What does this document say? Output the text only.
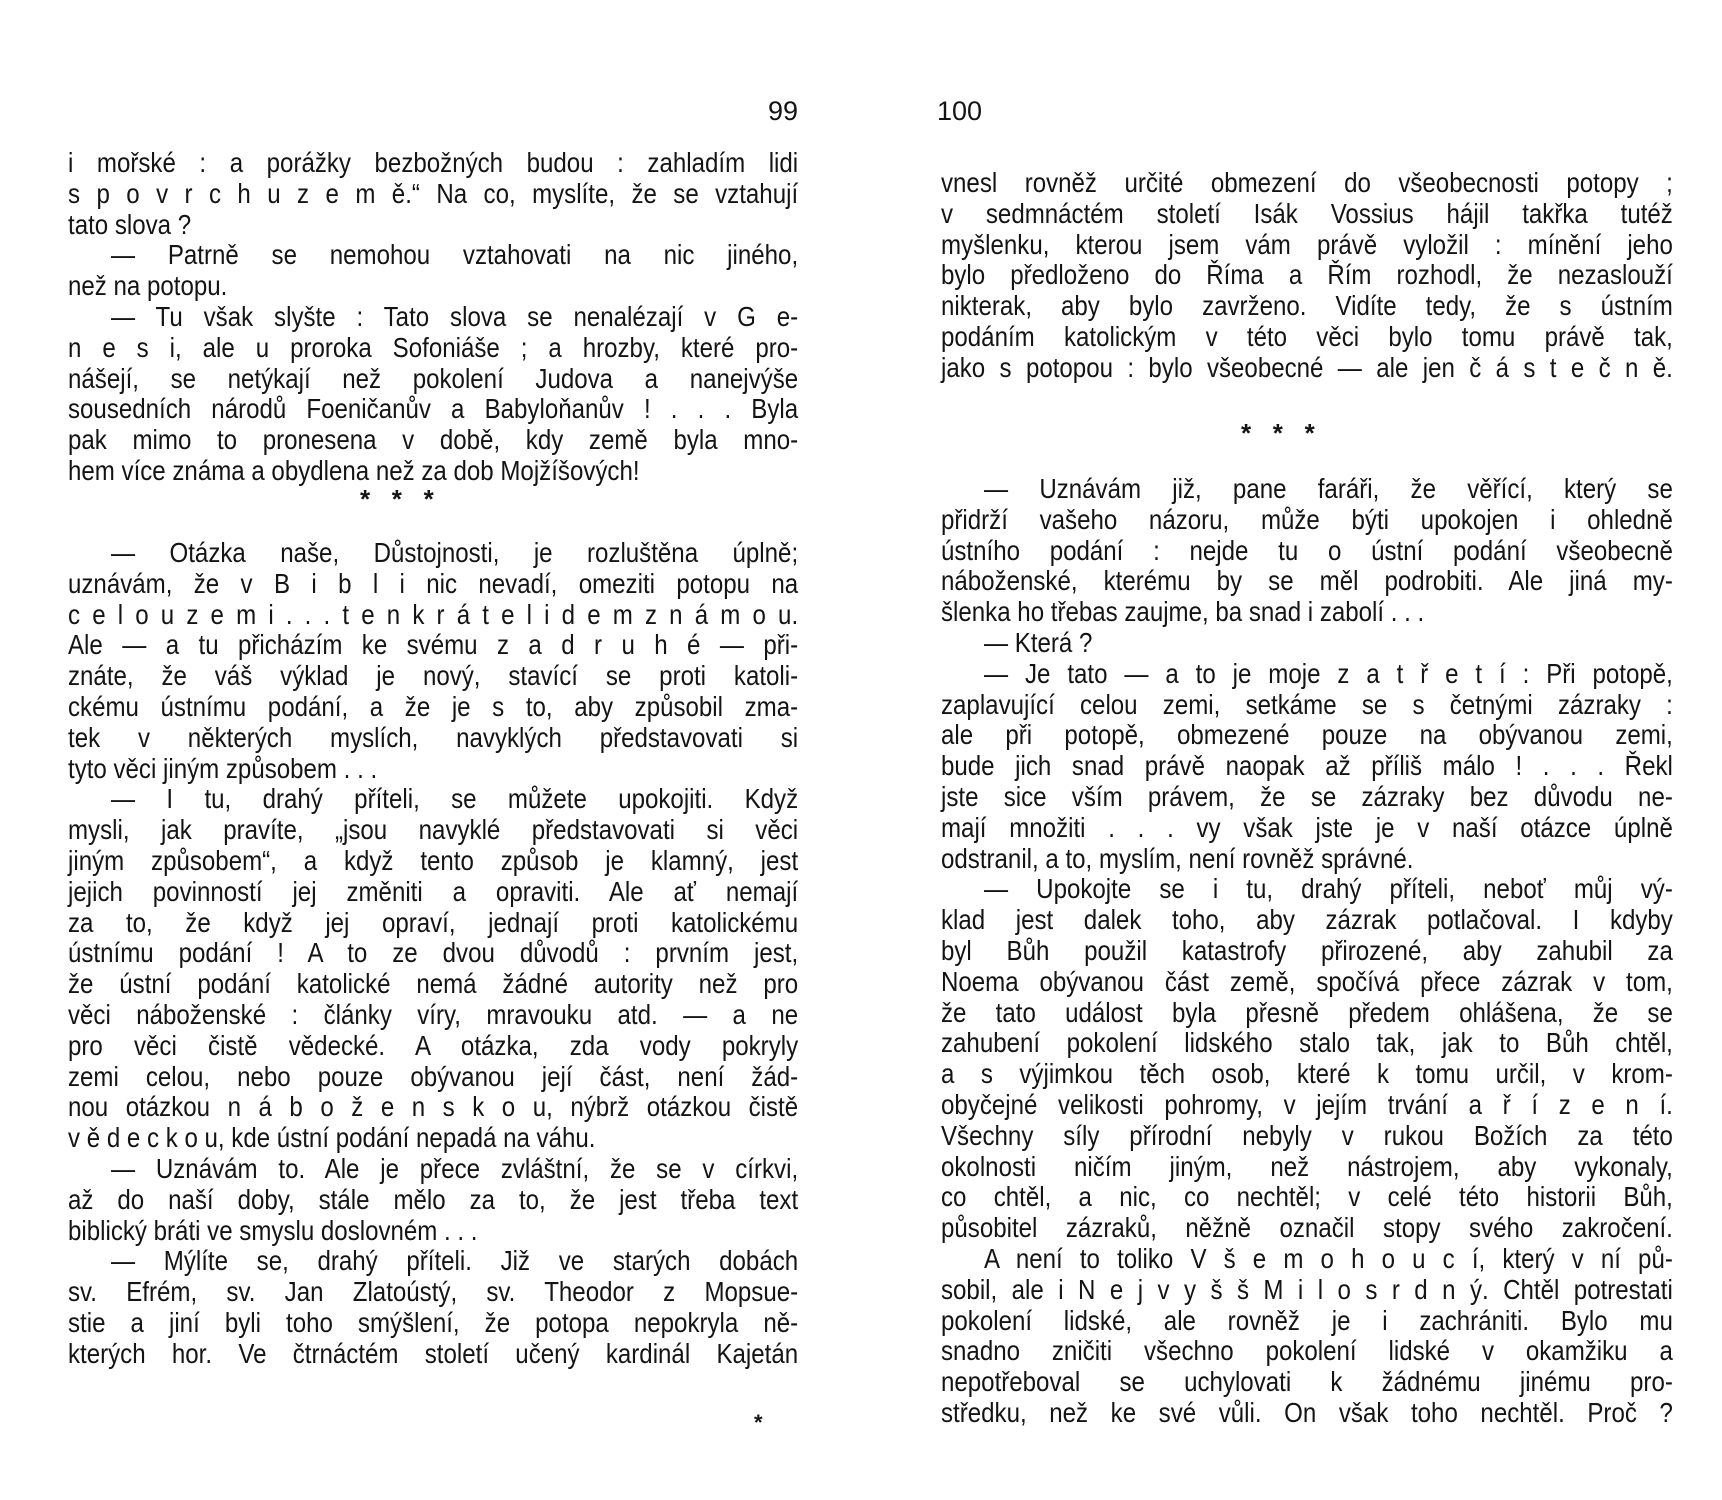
99
i mořské : a porážky bezbožných budou : zahladím lidi
s p o v r c h u z e m ě.“ Na co, myslíte, že se vztahují
tato slova ?
— Patrně se nemohou vztahovati na nic jiného,
než na potopu.
— Tu však slyšte : Tato slova se nenalézají v G e-
n e s i, ale u proroka Sofoniáše ; a hrozby, které pro-
nášejí, se netýkají než pokolení Judova a nanejvýše
sousedních národů Foeničanův a Babyloňanův ! . . . Byla
pak mimo to pronesena v době, kdy země byla mno-
hem více známa a obydlena než za dob Mojžíšových!
*   *   *
— Otázka naše, Důstojnosti, je rozluštěna úplně;
uznávám, že v B i b l i nic nevadí, omeziti potopu na
c e l o u z e m i . . . t e n k r á t e l i d e m z n á m o u.
Ale — a tu přicházím ke svému z a d r u h é — při-
znáte, že váš výklad je nový, stavící se proti katoli-
ckému ústnímu podání, a že je s to, aby způsobil zma-
tek v některých myslích, navyklých představovati si
tyto věci jiným způsobem . . .
— I tu, drahý příteli, se můžete upokojiti. Když
mysli, jak pravíte, „jsou navyklé představovati si věci
jiným způsobem“, a když tento způsob je klamný, jest
jejich povinností jej změniti a opraviti. Ale ať nemají
za to, že když jej opraví, jednají proti katolickému
ústnímu podání ! A to ze dvou důvodů : prvním jest,
že ústní podání katolické nemá žádné autority než pro
věci náboženské : články víry, mravouku atd. — a ne
pro věci čistě vědecké. A otázka, zda vody pokryly
zemi celou, nebo pouze obývanou její část, není žád-
nou otázkou n á b o ž e n s k o u, nýbrž otázkou čistě
v ě d e c k o u, kde ústní podání nepadá na váhu.
— Uznávám to. Ale je přece zvláštní, že se v církvi,
až do naší doby, stále mělo za to, že jest třeba text
biblický bráti ve smyslu doslovném . . .
— Mýlíte se, drahý příteli. Již ve starých dobách
sv. Efrém, sv. Jan Zlatoústý, sv. Theodor z Mopsue-
stie a jiní byli toho smýšlení, že potopa nepokryla ně-
kterých hor. Ve čtrnáctém století učený kardinál Kajetán
*
100
vnesl rovněž určité obmezení do všeobecnosti potopy ;
v sedmnáctém století Isák Vossius hájil takřka tutéž
myšlenku, kterou jsem vám právě vyložil : mínění jeho
bylo předloženo do Říma a Řím rozhodl, že nezaslouží
nikterak, aby bylo zavrženo. Vidíte tedy, že s ústním
podáním katolickým v této věci bylo tomu právě tak,
jako s potopou : bylo všeobecné — ale jen č á s t e č n ě.
*   *   *
— Uznávám již, pane faráři, že věřící, který se
přidrží vašeho názoru, může býti upokojen i ohledně
ústního podání : nejde tu o ústní podání všeobecně
náboženské, kterému by se měl podrobiti. Ale jiná my-
šlenka ho třebas zaujme, ba snad i zabolí . . .
— Která ?
— Je tato — a to je moje z a t ř e t í : Při potopě,
zaplavující celou zemi, setkáme se s četnými zázraky :
ale při potopě, obmezené pouze na obývanou zemi,
bude jich snad právě naopak až příliš málo ! . . . Řekl
jste sice vším právem, že se zázraky bez důvodu ne-
mají množiti . . . vy však jste je v naší otázce úplně
odstranil, a to, myslím, není rovněž správné.
— Upokojte se i tu, drahý příteli, neboť můj vý-
klad jest dalek toho, aby zázrak potlačoval. I kdyby
byl Bůh použil katastrofy přirozené, aby zahubil za
Noema obývanou část země, spočívá přece zázrak v tom,
že tato událost byla přesně předem ohlášena, že se
zahubení pokolení lidského stalo tak, jak to Bůh chtěl,
a s výjimkou těch osob, které k tomu určil, v krom-
obyčejné velikosti pohromy, v jejím trvání a ř í z e n í.
Všechny síly přírodní nebyly v rukou Božích za této
okolnosti ničím jiným, než nástrojem, aby vykonaly,
co chtěl, a nic, co nechtěl; v celé této historii Bůh,
působitel zázraků, něžně označil stopy svého zakročení.
A není to toliko V š e m o h o u c í, který v ní pů-
sobil, ale i N e j v y š š M i l o s r d n ý. Chtěl potrestati
pokolení lidské, ale rovněž je i zachrániti. Bylo mu
snadno zničiti všechno pokolení lidské v okamžiku a
nepotřeboval se uchylovati k žádnému jinému pro-
středku, než ke své vůli. On však toho nechtěl. Proč ?
